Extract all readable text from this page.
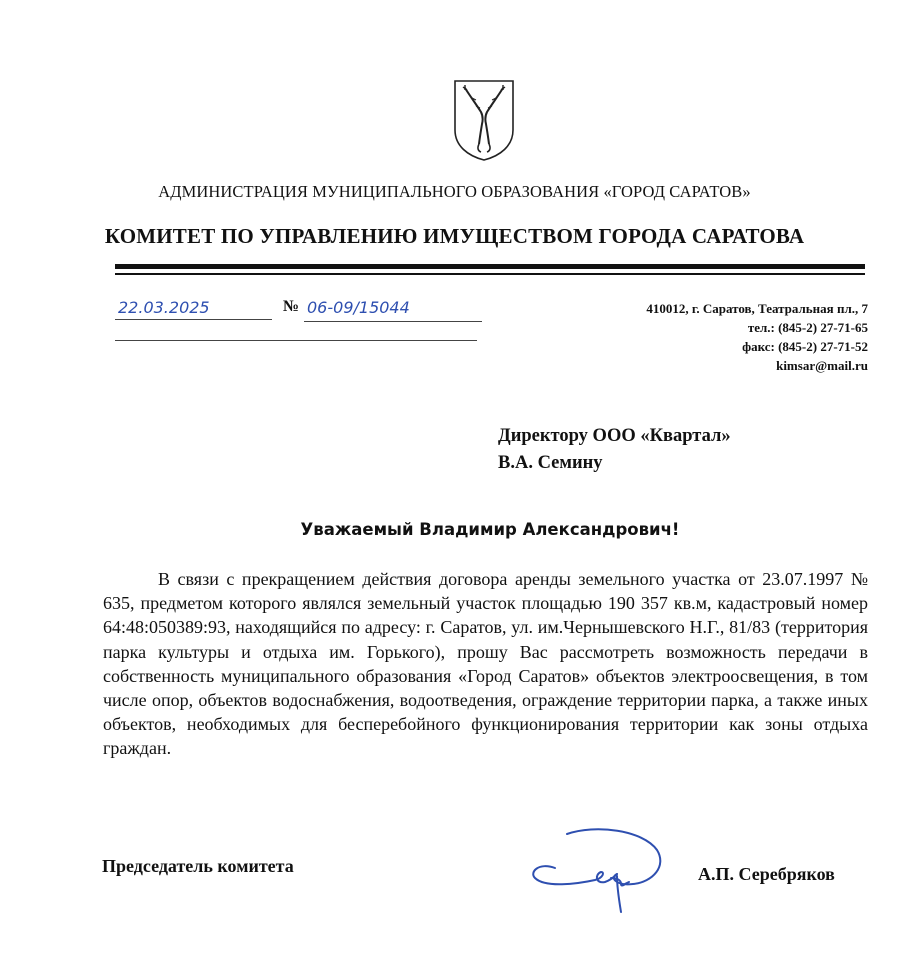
АДМИНИСТРАЦИЯ МУНИЦИПАЛЬНОГО ОБРАЗОВАНИЯ «ГОРОД САРАТОВ»
КОМИТЕТ ПО УПРАВЛЕНИЮ ИМУЩЕСТВОМ ГОРОДА САРАТОВА
22.03.2025	№ 06-09/15044	410012, г. Саратов, Театральная пл., 7
тел.: (845-2) 27-71-65
факс: (845-2) 27-71-52
kimsar@mail.ru
Директору ООО «Квартал»
В.А. Семину
Уважаемый Владимир Александрович!
В связи с прекращением действия договора аренды земельного участка от 23.07.1997 № 635, предметом которого являлся земельный участок площадью 190 357 кв.м, кадастровый номер 64:48:050389:93, находящийся по адресу: г. Саратов, ул. им.Чернышевского Н.Г., 81/83 (территория парка культуры и отдыха им. Горького), прошу Вас рассмотреть возможность передачи в собственность муниципального образования «Город Саратов» объектов электроосвещения, в том числе опор, объектов водоснабжения, водоотведения, ограждение территории парка, а также иных объектов, необходимых для бесперебойного функционирования территории как зоны отдыха граждан.
Председатель комитета	А.П. Серебряков
